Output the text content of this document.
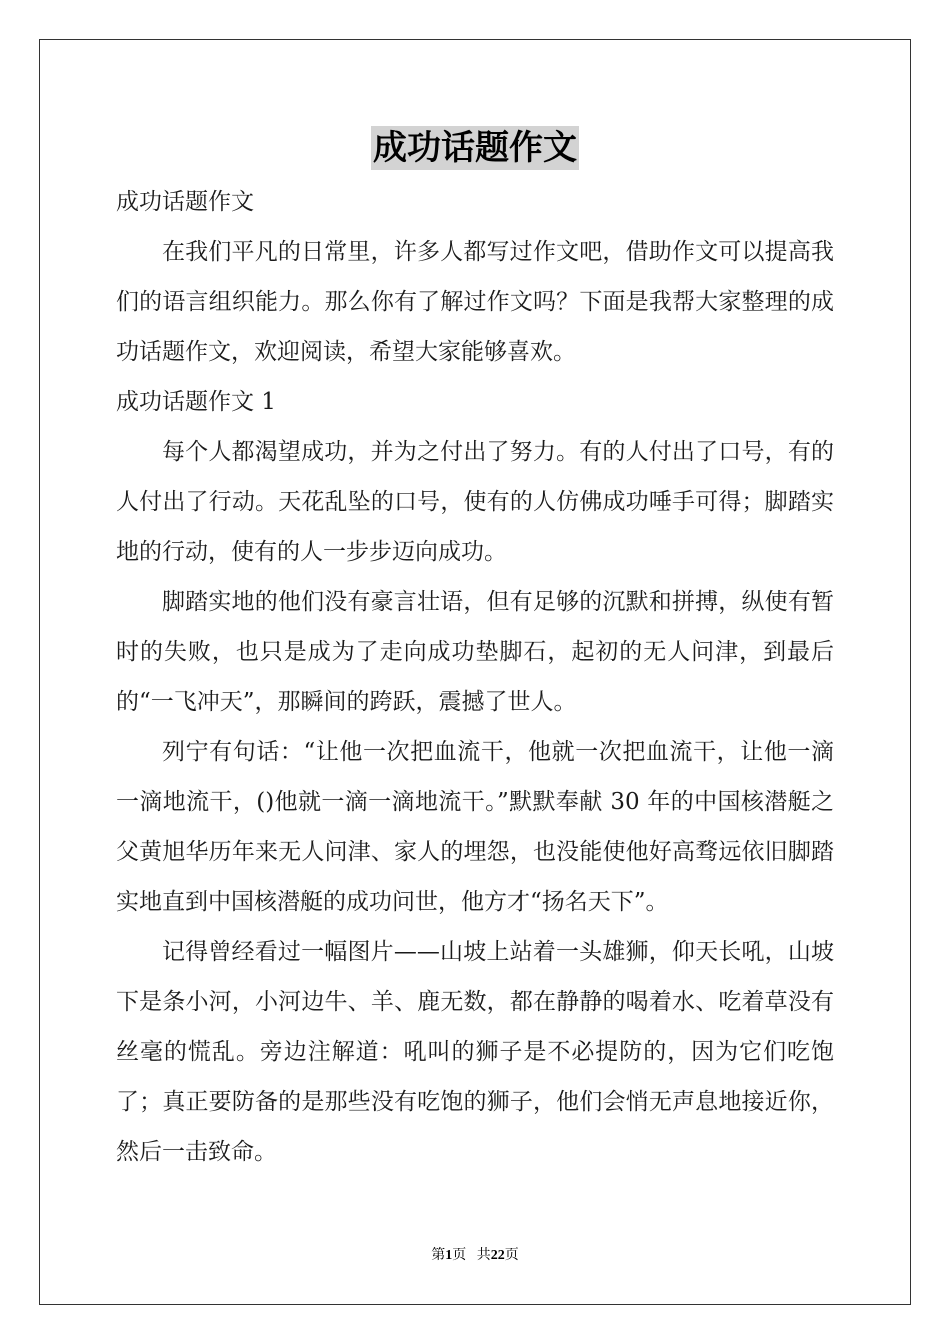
成功话题作文

成功话题作文

在我们平凡的日常里，许多人都写过作文吧，借助作文可以提高我们的语言组织能力。那么你有了解过作文吗？下面是我帮大家整理的成功话题作文，欢迎阅读，希望大家能够喜欢。

成功话题作文 1

每个人都渴望成功，并为之付出了努力。有的人付出了口号，有的人付出了行动。天花乱坠的口号，使有的人仿佛成功唾手可得；脚踏实地的行动，使有的人一步步迈向成功。

脚踏实地的他们没有豪言壮语，但有足够的沉默和拼搏，纵使有暂时的失败，也只是成为了走向成功垫脚石，起初的无人问津，到最后的“一飞冲天”，那瞬间的跨跃，震撼了世人。

列宁有句话：“让他一次把血流干，他就一次把血流干，让他一滴一滴地流干，()他就一滴一滴地流干。”默默奉献 30 年的中国核潜艇之父黄旭华历年来无人问津、家人的埋怨，也没能使他好高骛远依旧脚踏实地直到中国核潜艇的成功问世，他方才“扬名天下”。

记得曾经看过一幅图片——山坡上站着一头雄狮，仰天长吼，山坡下是条小河，小河边牛、羊、鹿无数，都在静静的喝着水、吃着草没有丝毫的慌乱。旁边注解道：吼叫的狮子是不必提防的，因为它们吃饱了；真正要防备的是那些没有吃饱的狮子，他们会悄无声息地接近你，然后一击致命。

第1页 共22页
